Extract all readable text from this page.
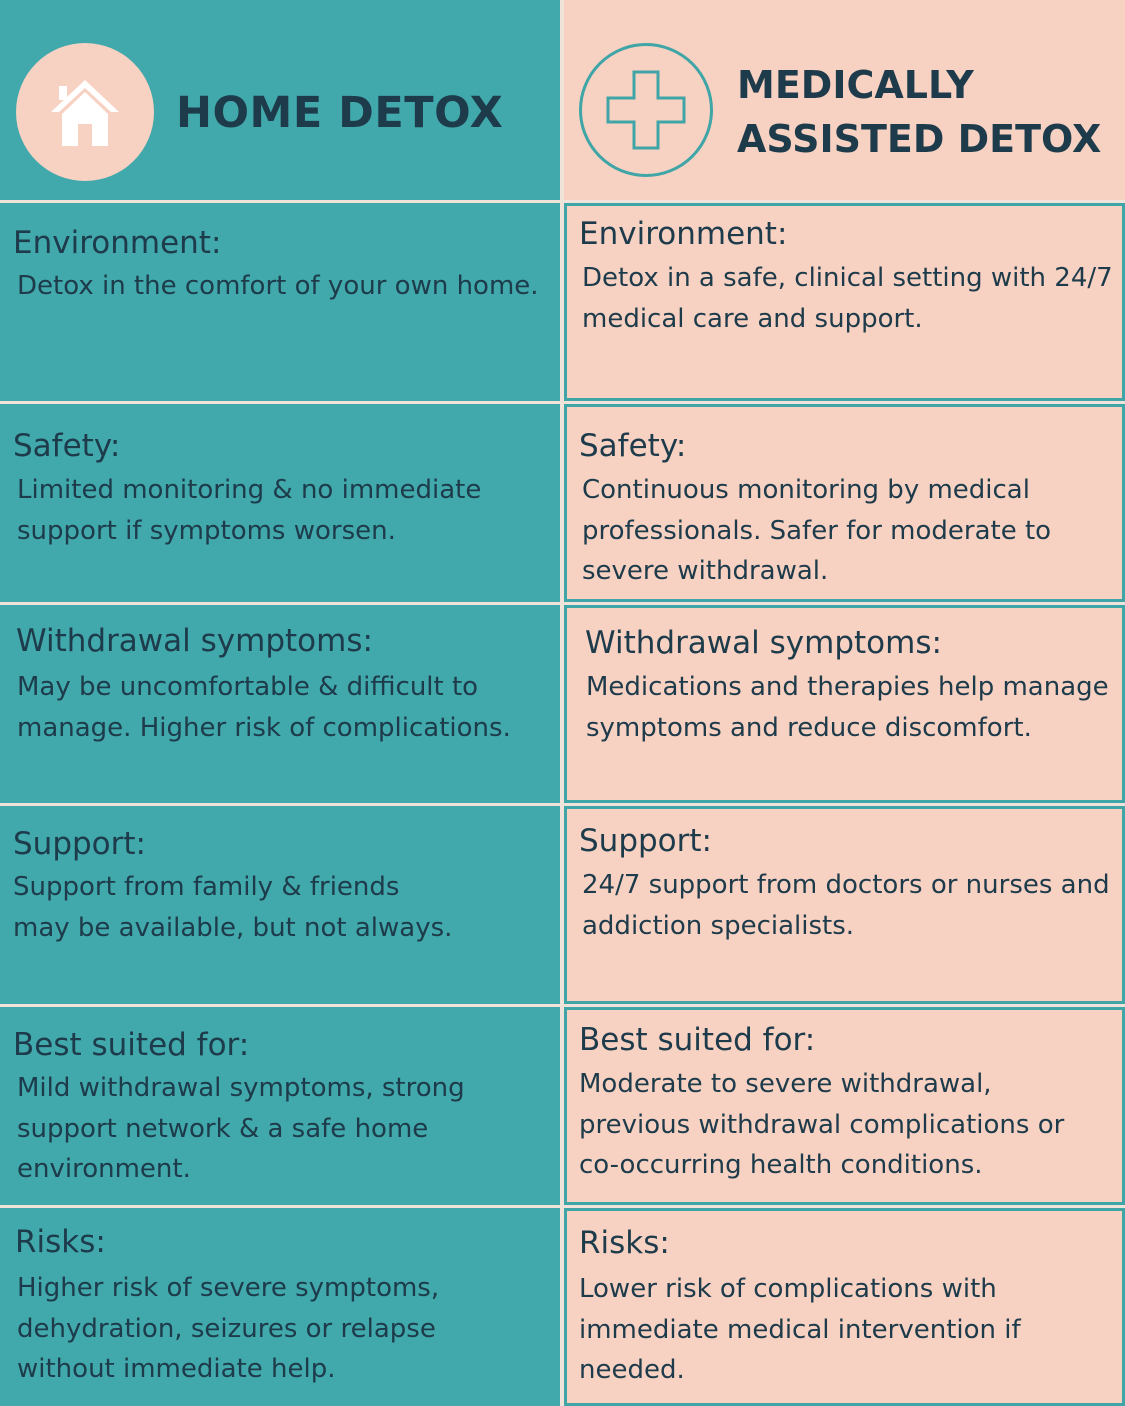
HOME DETOX
MEDICALLY
ASSISTED DETOX
Environment:
Detox in the comfort of your own home.
Environment:
Detox in a safe, clinical setting with 24/7 medical care and support.
Safety:
Limited monitoring & no immediate support if symptoms worsen.
Safety:
Continuous monitoring by medical professionals. Safer for moderate to severe withdrawal.
Withdrawal symptoms:
May be uncomfortable & difficult to manage. Higher risk of complications.
Withdrawal symptoms:
Medications and therapies help manage symptoms and reduce discomfort.
Support:
Support from family & friends may be available, but not always.
Support:
24/7 support from doctors or nurses and addiction specialists.
Best suited for:
Mild withdrawal symptoms, strong support network & a safe home environment.
Best suited for:
Moderate to severe withdrawal, previous withdrawal complications or co-occurring health conditions.
Risks:
Higher risk of severe symptoms, dehydration, seizures or relapse without immediate help.
Risks:
Lower risk of complications with immediate medical intervention if needed.
